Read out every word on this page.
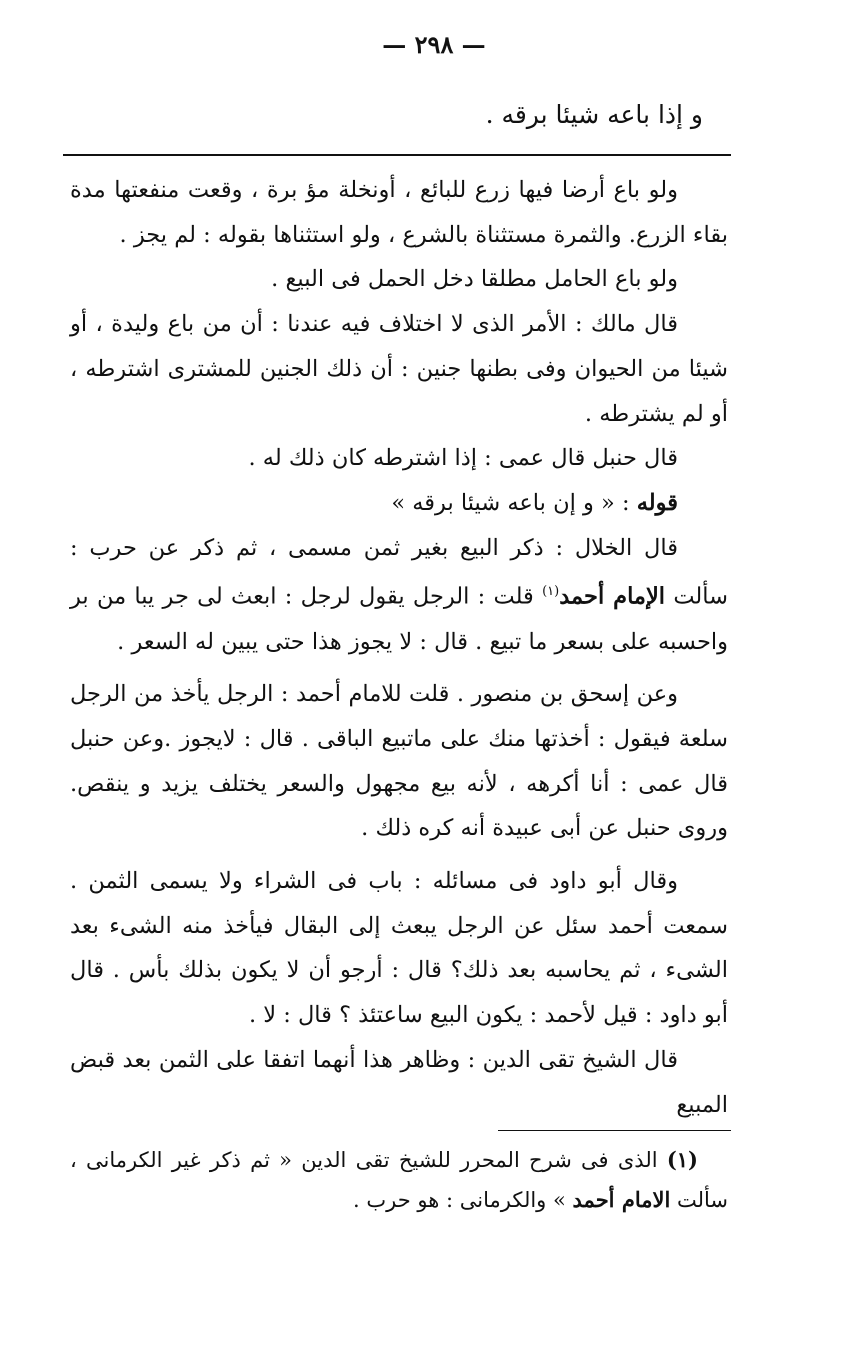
— ٢٩٨ —
و إذا باعه شيئا برقه .

ولو باع أرضا فيها زرع للبائع ، أونخلة مؤ برة ، وقعت منفعتها مدة بقاء الزرع. والثمرة مستثناة بالشرع ، ولو استثناها بقوله : لم يجز .

ولو باع الحامل مطلقا دخل الحمل فى البيع .

قال مالك : الأمر الذى لا اختلاف فيه عندنا : أن من باع وليدة ، أو شيئا من الحيوان وفى بطنها جنين : أن ذلك الجنين للمشترى اشترطه ، أو لم يشترطه .

قال حنبل قال عمى : إذا اشترطه كان ذلك له .

قوله : « و إن باعه شيئا برقه »

قال الخلال : ذكر البيع بغير ثمن مسمى ، ثم ذكر عن حرب : سألت الإمام أحمد$^{(١)}$ قلت : الرجل يقول لرجل : ابعث لى جر يبا من بر واحسبه على بسعر ما تبيع . قال : لا يجوز هذا حتى يبين له السعر .

وعن إسحق بن منصور . قلت للامام أحمد : الرجل يأخذ من الرجل سلعة فيقول : أخذتها منك على ماتبيع الباقى . قال : لايجوز .وعن حنبل قال عمى : أنا أكرهه ، لأنه بيع مجهول والسعر يختلف يزيد و ينقص. وروى حنبل عن أبى عبيدة أنه كره ذلك .

وقال أبو داود فى مسائله : باب فى الشراء ولا يسمى الثمن . سمعت أحمد سئل عن الرجل يبعث إلى البقال فيأخذ منه الشىء بعد الشىء ، ثم يحاسبه بعد ذلك؟ قال : أرجو أن لا يكون بذلك بأس . قال أبو داود : قيل لأحمد : يكون البيع ساعتئذ ؟ قال : لا .

قال الشيخ تقى الدين : وظاهر هذا أنهما اتفقا على الثمن بعد قبض المبيع

(١) الذى فى شرح المحرر للشيخ تقى الدين « ثم ذكر غير الكرمانى ، سألت الامام أحمد » والكرمانى : هو حرب .
